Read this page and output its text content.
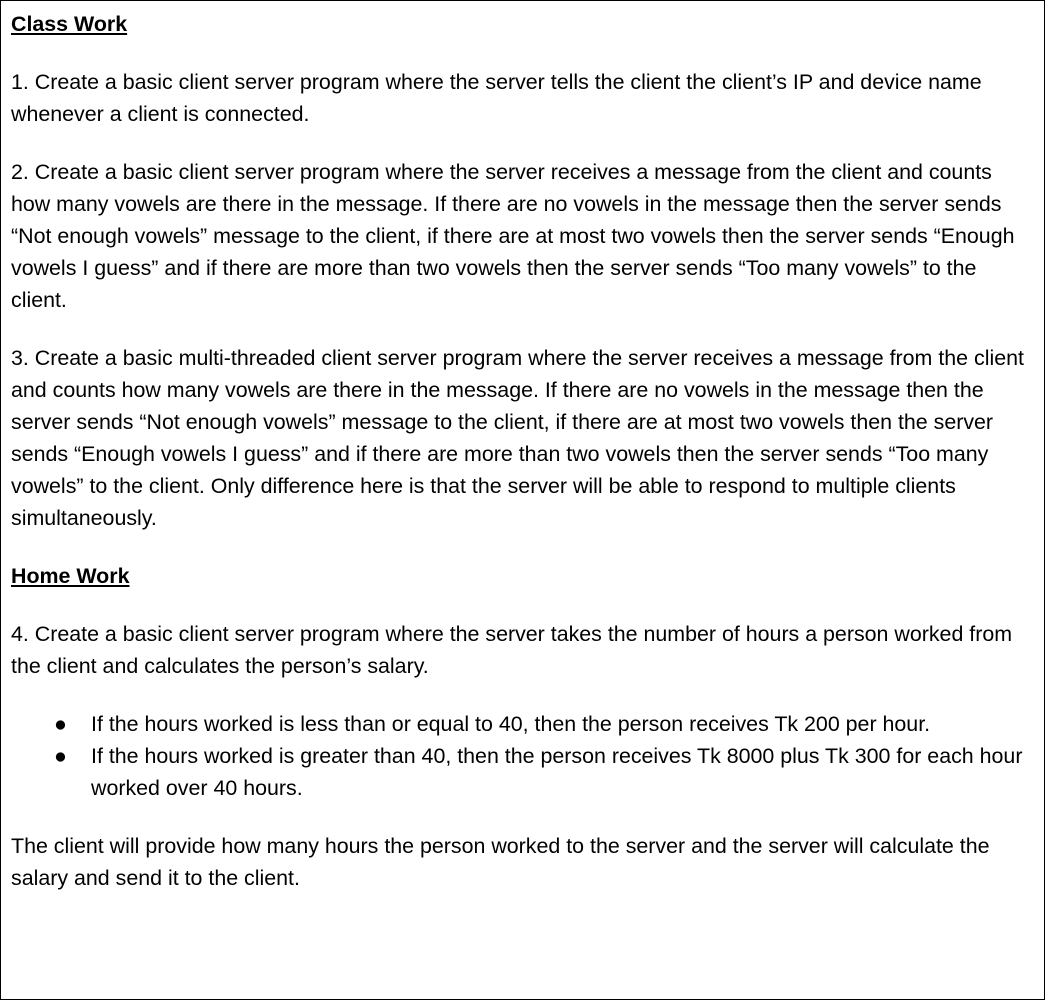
Class Work

1. Create a basic client server program where the server tells the client the client’s IP and device name whenever a client is connected.

2. Create a basic client server program where the server receives a message from the client and counts how many vowels are there in the message. If there are no vowels in the message then the server sends “Not enough vowels” message to the client, if there are at most two vowels then the server sends “Enough vowels I guess” and if there are more than two vowels then the server sends “Too many vowels” to the client.

3. Create a basic multi-threaded client server program where the server receives a message from the client and counts how many vowels are there in the message. If there are no vowels in the message then the server sends “Not enough vowels” message to the client, if there are at most two vowels then the server sends “Enough vowels I guess” and if there are more than two vowels then the server sends “Too many vowels” to the client. Only difference here is that the server will be able to respond to multiple clients simultaneously.

Home Work

4. Create a basic client server program where the server takes the number of hours a person worked from the client and calculates the person’s salary.

● If the hours worked is less than or equal to 40, then the person receives Tk 200 per hour.
● If the hours worked is greater than 40, then the person receives Tk 8000 plus Tk 300 for each hour worked over 40 hours.

The client will provide how many hours the person worked to the server and the server will calculate the salary and send it to the client.
